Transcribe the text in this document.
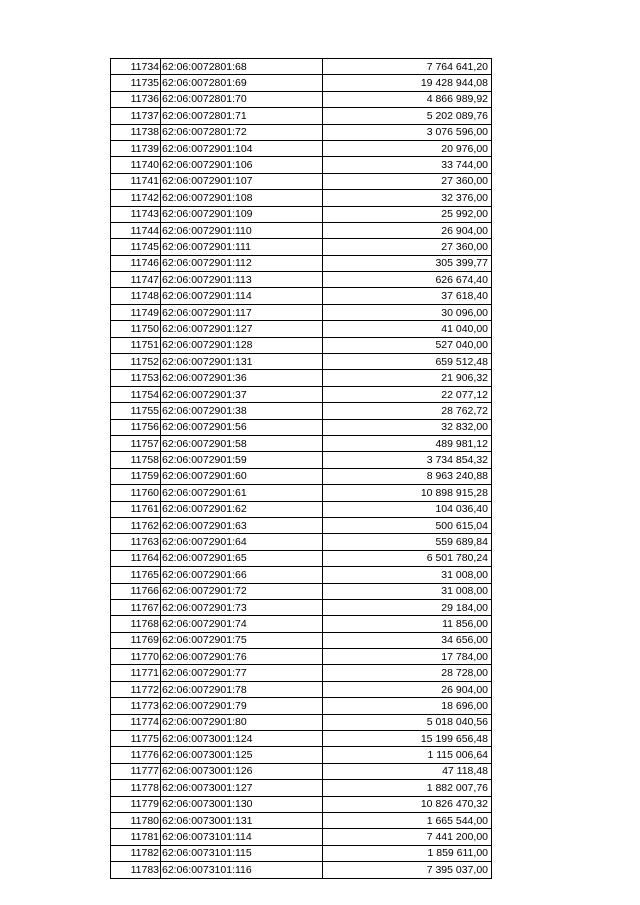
11734	62:06:0072801:68	7 764 641,20
11735	62:06:0072801:69	19 428 944,08
11736	62:06:0072801:70	4 866 989,92
11737	62:06:0072801:71	5 202 089,76
11738	62:06:0072801:72	3 076 596,00
11739	62:06:0072901:104	20 976,00
11740	62:06:0072901:106	33 744,00
11741	62:06:0072901:107	27 360,00
11742	62:06:0072901:108	32 376,00
11743	62:06:0072901:109	25 992,00
11744	62:06:0072901:110	26 904,00
11745	62:06:0072901:111	27 360,00
11746	62:06:0072901:112	305 399,77
11747	62:06:0072901:113	626 674,40
11748	62:06:0072901:114	37 618,40
11749	62:06:0072901:117	30 096,00
11750	62:06:0072901:127	41 040,00
11751	62:06:0072901:128	527 040,00
11752	62:06:0072901:131	659 512,48
11753	62:06:0072901:36	21 906,32
11754	62:06:0072901:37	22 077,12
11755	62:06:0072901:38	28 762,72
11756	62:06:0072901:56	32 832,00
11757	62:06:0072901:58	489 981,12
11758	62:06:0072901:59	3 734 854,32
11759	62:06:0072901:60	8 963 240,88
11760	62:06:0072901:61	10 898 915,28
11761	62:06:0072901:62	104 036,40
11762	62:06:0072901:63	500 615,04
11763	62:06:0072901:64	559 689,84
11764	62:06:0072901:65	6 501 780,24
11765	62:06:0072901:66	31 008,00
11766	62:06:0072901:72	31 008,00
11767	62:06:0072901:73	29 184,00
11768	62:06:0072901:74	11 856,00
11769	62:06:0072901:75	34 656,00
11770	62:06:0072901:76	17 784,00
11771	62:06:0072901:77	28 728,00
11772	62:06:0072901:78	26 904,00
11773	62:06:0072901:79	18 696,00
11774	62:06:0072901:80	5 018 040,56
11775	62:06:0073001:124	15 199 656,48
11776	62:06:0073001:125	1 115 006,64
11777	62:06:0073001:126	47 118,48
11778	62:06:0073001:127	1 882 007,76
11779	62:06:0073001:130	10 826 470,32
11780	62:06:0073001:131	1 665 544,00
11781	62:06:0073101:114	7 441 200,00
11782	62:06:0073101:115	1 859 611,00
11783	62:06:0073101:116	7 395 037,00
